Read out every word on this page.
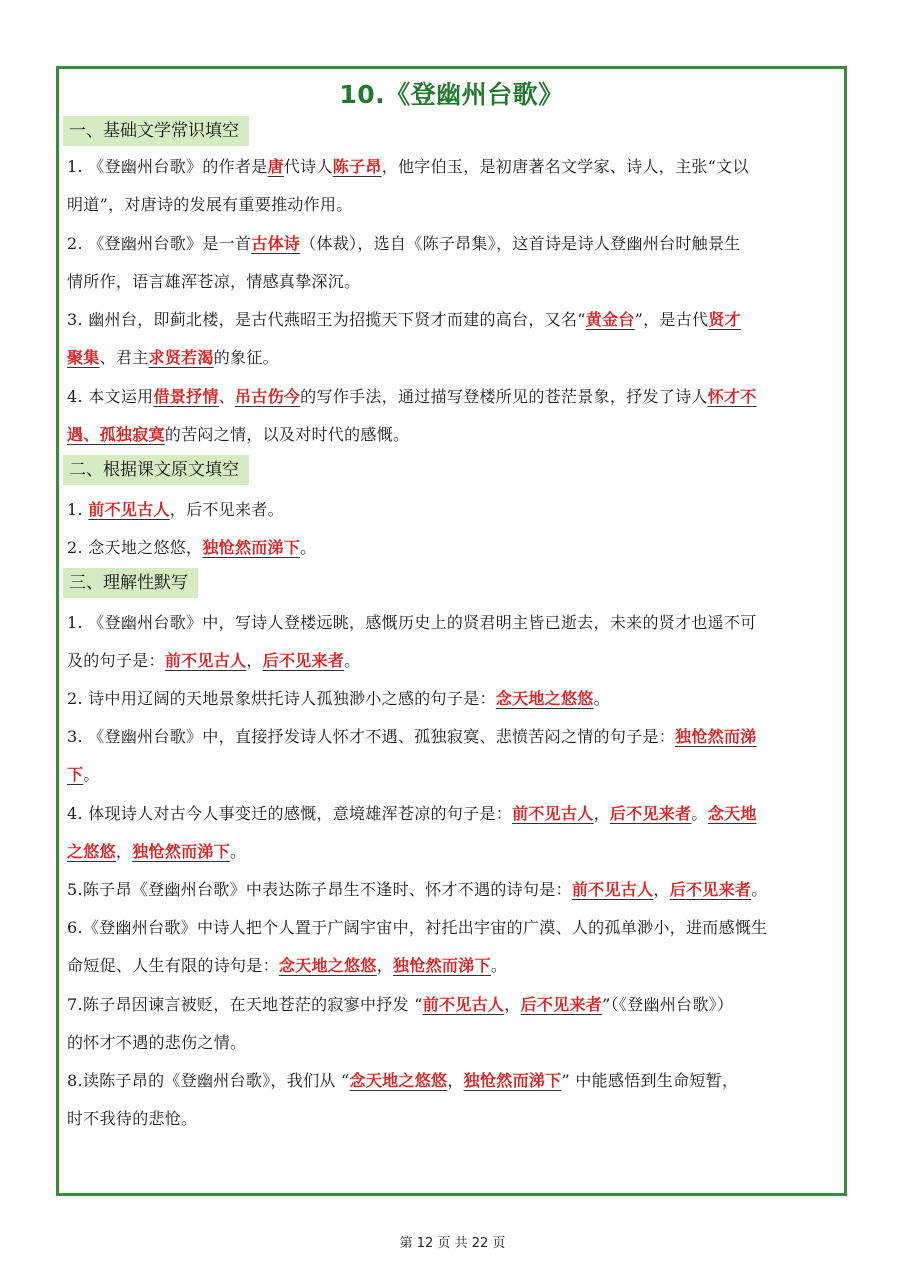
10.《登幽州台歌》
一、基础文学常识填空
1. 《登幽州台歌》的作者是唐代诗人陈子昂，他字伯玉，是初唐著名文学家、诗人，主张“文以
明道”，对唐诗的发展有重要推动作用。
2. 《登幽州台歌》是一首古体诗（体裁），选自《陈子昂集》，这首诗是诗人登幽州台时触景生
情所作，语言雄浑苍凉，情感真挚深沉。
3. 幽州台，即蓟北楼，是古代燕昭王为招揽天下贤才而建的高台，又名“黄金台”，是古代贤才
聚集、君主求贤若渴的象征。
4. 本文运用借景抒情、吊古伤今的写作手法，通过描写登楼所见的苍茫景象，抒发了诗人怀才不
遇、孤独寂寞的苦闷之情，以及对时代的感慨。
二、根据课文原文填空
1. 前不见古人，后不见来者。
2. 念天地之悠悠，独怆然而涕下。
三、理解性默写
1. 《登幽州台歌》中，写诗人登楼远眺，感慨历史上的贤君明主皆已逝去，未来的贤才也遥不可
及的句子是：前不见古人，后不见来者。
2. 诗中用辽阔的天地景象烘托诗人孤独渺小之感的句子是：念天地之悠悠。
3. 《登幽州台歌》中，直接抒发诗人怀才不遇、孤独寂寞、悲愤苦闷之情的句子是：独怆然而涕
下。
4. 体现诗人对古今人事变迁的感慨，意境雄浑苍凉的句子是：前不见古人，后不见来者。念天地
之悠悠，独怆然而涕下。
5.陈子昂《登幽州台歌》中表达陈子昂生不逢时、怀才不遇的诗句是：前不见古人，后不见来者。
6.《登幽州台歌》中诗人把个人置于广阔宇宙中，衬托出宇宙的广漠、人的孤单渺小，进而感慨生
命短促、人生有限的诗句是：念天地之悠悠，独怆然而涕下。
7.陈子昂因谏言被贬，在天地苍茫的寂寥中抒发 “前不见古人，后不见来者”（《登幽州台歌》）
的怀才不遇的悲伤之情。
8.读陈子昂的《登幽州台歌》，我们从 “念天地之悠悠，独怆然而涕下” 中能感悟到生命短暂，
时不我待的悲怆。
第 12 页 共 22 页
